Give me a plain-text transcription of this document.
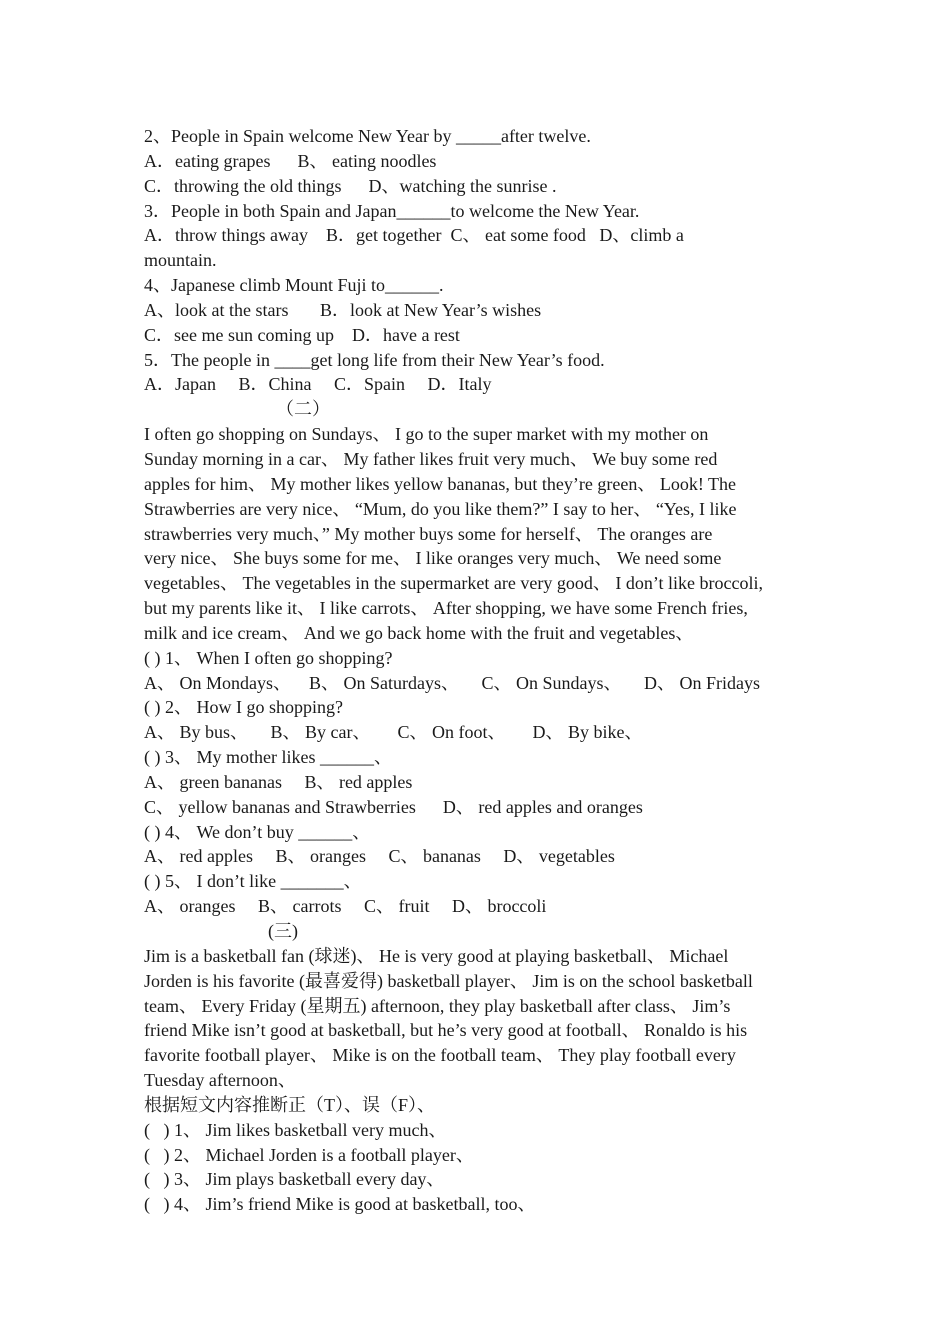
2、People in Spain welcome New Year by _____after twelve.
A．eating grapes      B、 eating noodles
C．throwing the old things      D、watching the sunrise .
3．People in both Spain and Japan______to welcome the New Year.
A．throw things away    B．get together  C、 eat some food   D、climb a
mountain.
4、Japanese climb Mount Fuji to______.
A、look at the stars       B．look at New Year’s wishes
C．see me sun coming up    D．have a rest
5．The people in ____get long life from their New Year’s food.
A．Japan     B．China     C．Spain     D．Italy
（二）
I often go shopping on Sundays、 I go to the super market with my mother on
Sunday morning in a car、 My father likes fruit very much、 We buy some red
apples for him、 My mother likes yellow bananas, but they’re green、 Look! The
Strawberries are very nice、 “Mum, do you like them?” I say to her、 “Yes, I like
strawberries very much、” My mother buys some for herself、 The oranges are
very nice、 She buys some for me、 I like oranges very much、 We need some
vegetables、 The vegetables in the supermarket are very good、 I don’t like broccoli,
but my parents like it、 I like carrots、 After shopping, we have some French fries,
milk and ice cream、 And we go back home with the fruit and vegetables、
( ) 1、 When I often go shopping?
A、 On Mondays、    B、 On Saturdays、     C、 On Sundays、     D、 On Fridays
( ) 2、 How I go shopping?
A、 By bus、     B、 By car、      C、 On foot、      D、 By bike、
( ) 3、 My mother likes ______、
A、 green bananas     B、 red apples
C、 yellow bananas and Strawberries      D、 red apples and oranges
( ) 4、 We don’t buy ______、
A、 red apples     B、 oranges     C、 bananas     D、 vegetables
( ) 5、 I don’t like _______、
A、 oranges     B、 carrots     C、 fruit     D、 broccoli
(三)
Jim is a basketball fan (球迷)、 He is very good at playing basketball、 Michael
Jorden is his favorite (最喜爱得) basketball player、 Jim is on the school basketball
team、 Every Friday (星期五) afternoon, they play basketball after class、 Jim’s
friend Mike isn’t good at basketball, but he’s very good at football、 Ronaldo is his
favorite football player、 Mike is on the football team、 They play football every
Tuesday afternoon、
根据短文内容推断正（T）、误（F）、
(   ) 1、 Jim likes basketball very much、
(   ) 2、 Michael Jorden is a football player、
(   ) 3、 Jim plays basketball every day、
(   ) 4、 Jim’s friend Mike is good at basketball, too、
